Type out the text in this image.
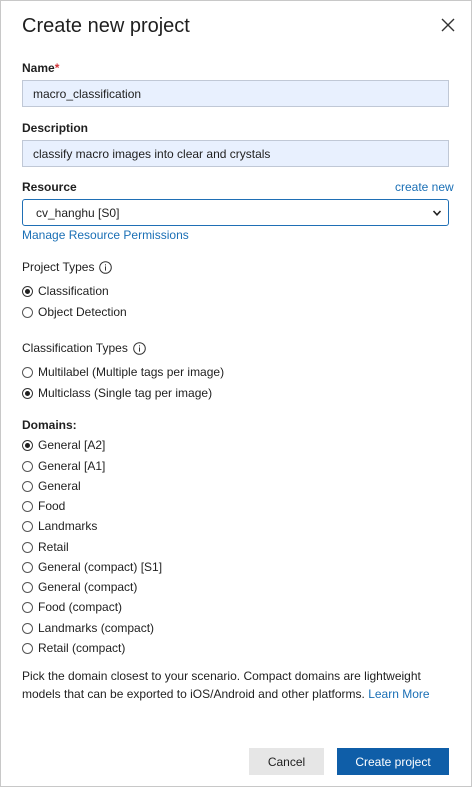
Create new project
Name*
macro_classification
Description
classify macro images into clear and crystals
Resource	create new
cv_hanghu [S0]
Manage Resource Permissions
Project Types
Classification
Object Detection
Classification Types
Multilabel (Multiple tags per image)
Multiclass (Single tag per image)
Domains:
General [A2]
General [A1]
General
Food
Landmarks
Retail
General (compact) [S1]
General (compact)
Food (compact)
Landmarks (compact)
Retail (compact)
Pick the domain closest to your scenario. Compact domains are lightweight models that can be exported to iOS/Android and other platforms. Learn More
Cancel	Create project
